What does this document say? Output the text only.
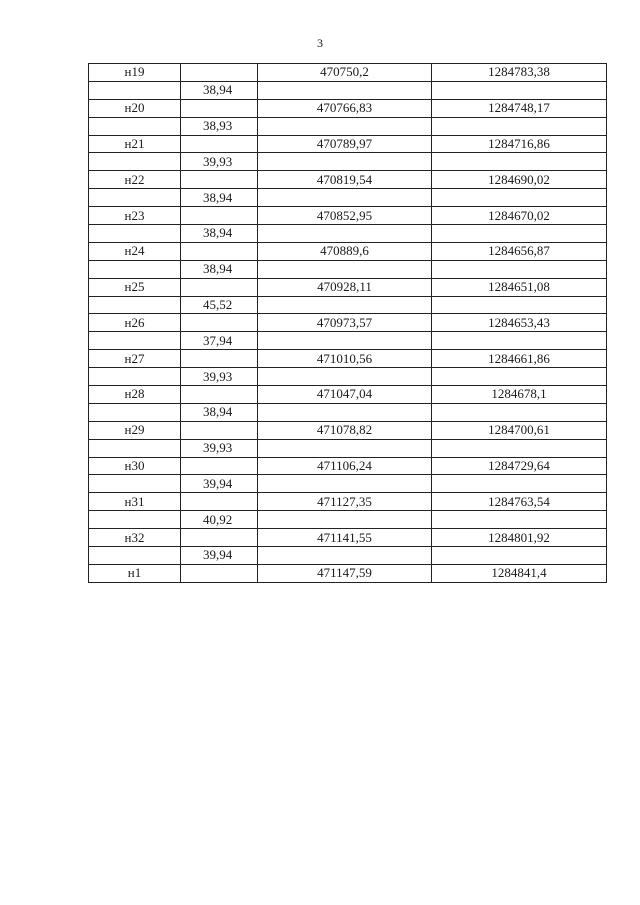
3
н19		470750,2	1284783,38
	38,94		
н20		470766,83	1284748,17
	38,93		
н21		470789,97	1284716,86
	39,93		
н22		470819,54	1284690,02
	38,94		
н23		470852,95	1284670,02
	38,94		
н24		470889,6	1284656,87
	38,94		
н25		470928,11	1284651,08
	45,52		
н26		470973,57	1284653,43
	37,94		
н27		471010,56	1284661,86
	39,93		
н28		471047,04	1284678,1
	38,94		
н29		471078,82	1284700,61
	39,93		
н30		471106,24	1284729,64
	39,94		
н31		471127,35	1284763,54
	40,92		
н32		471141,55	1284801,92
	39,94		
н1		471147,59	1284841,4
